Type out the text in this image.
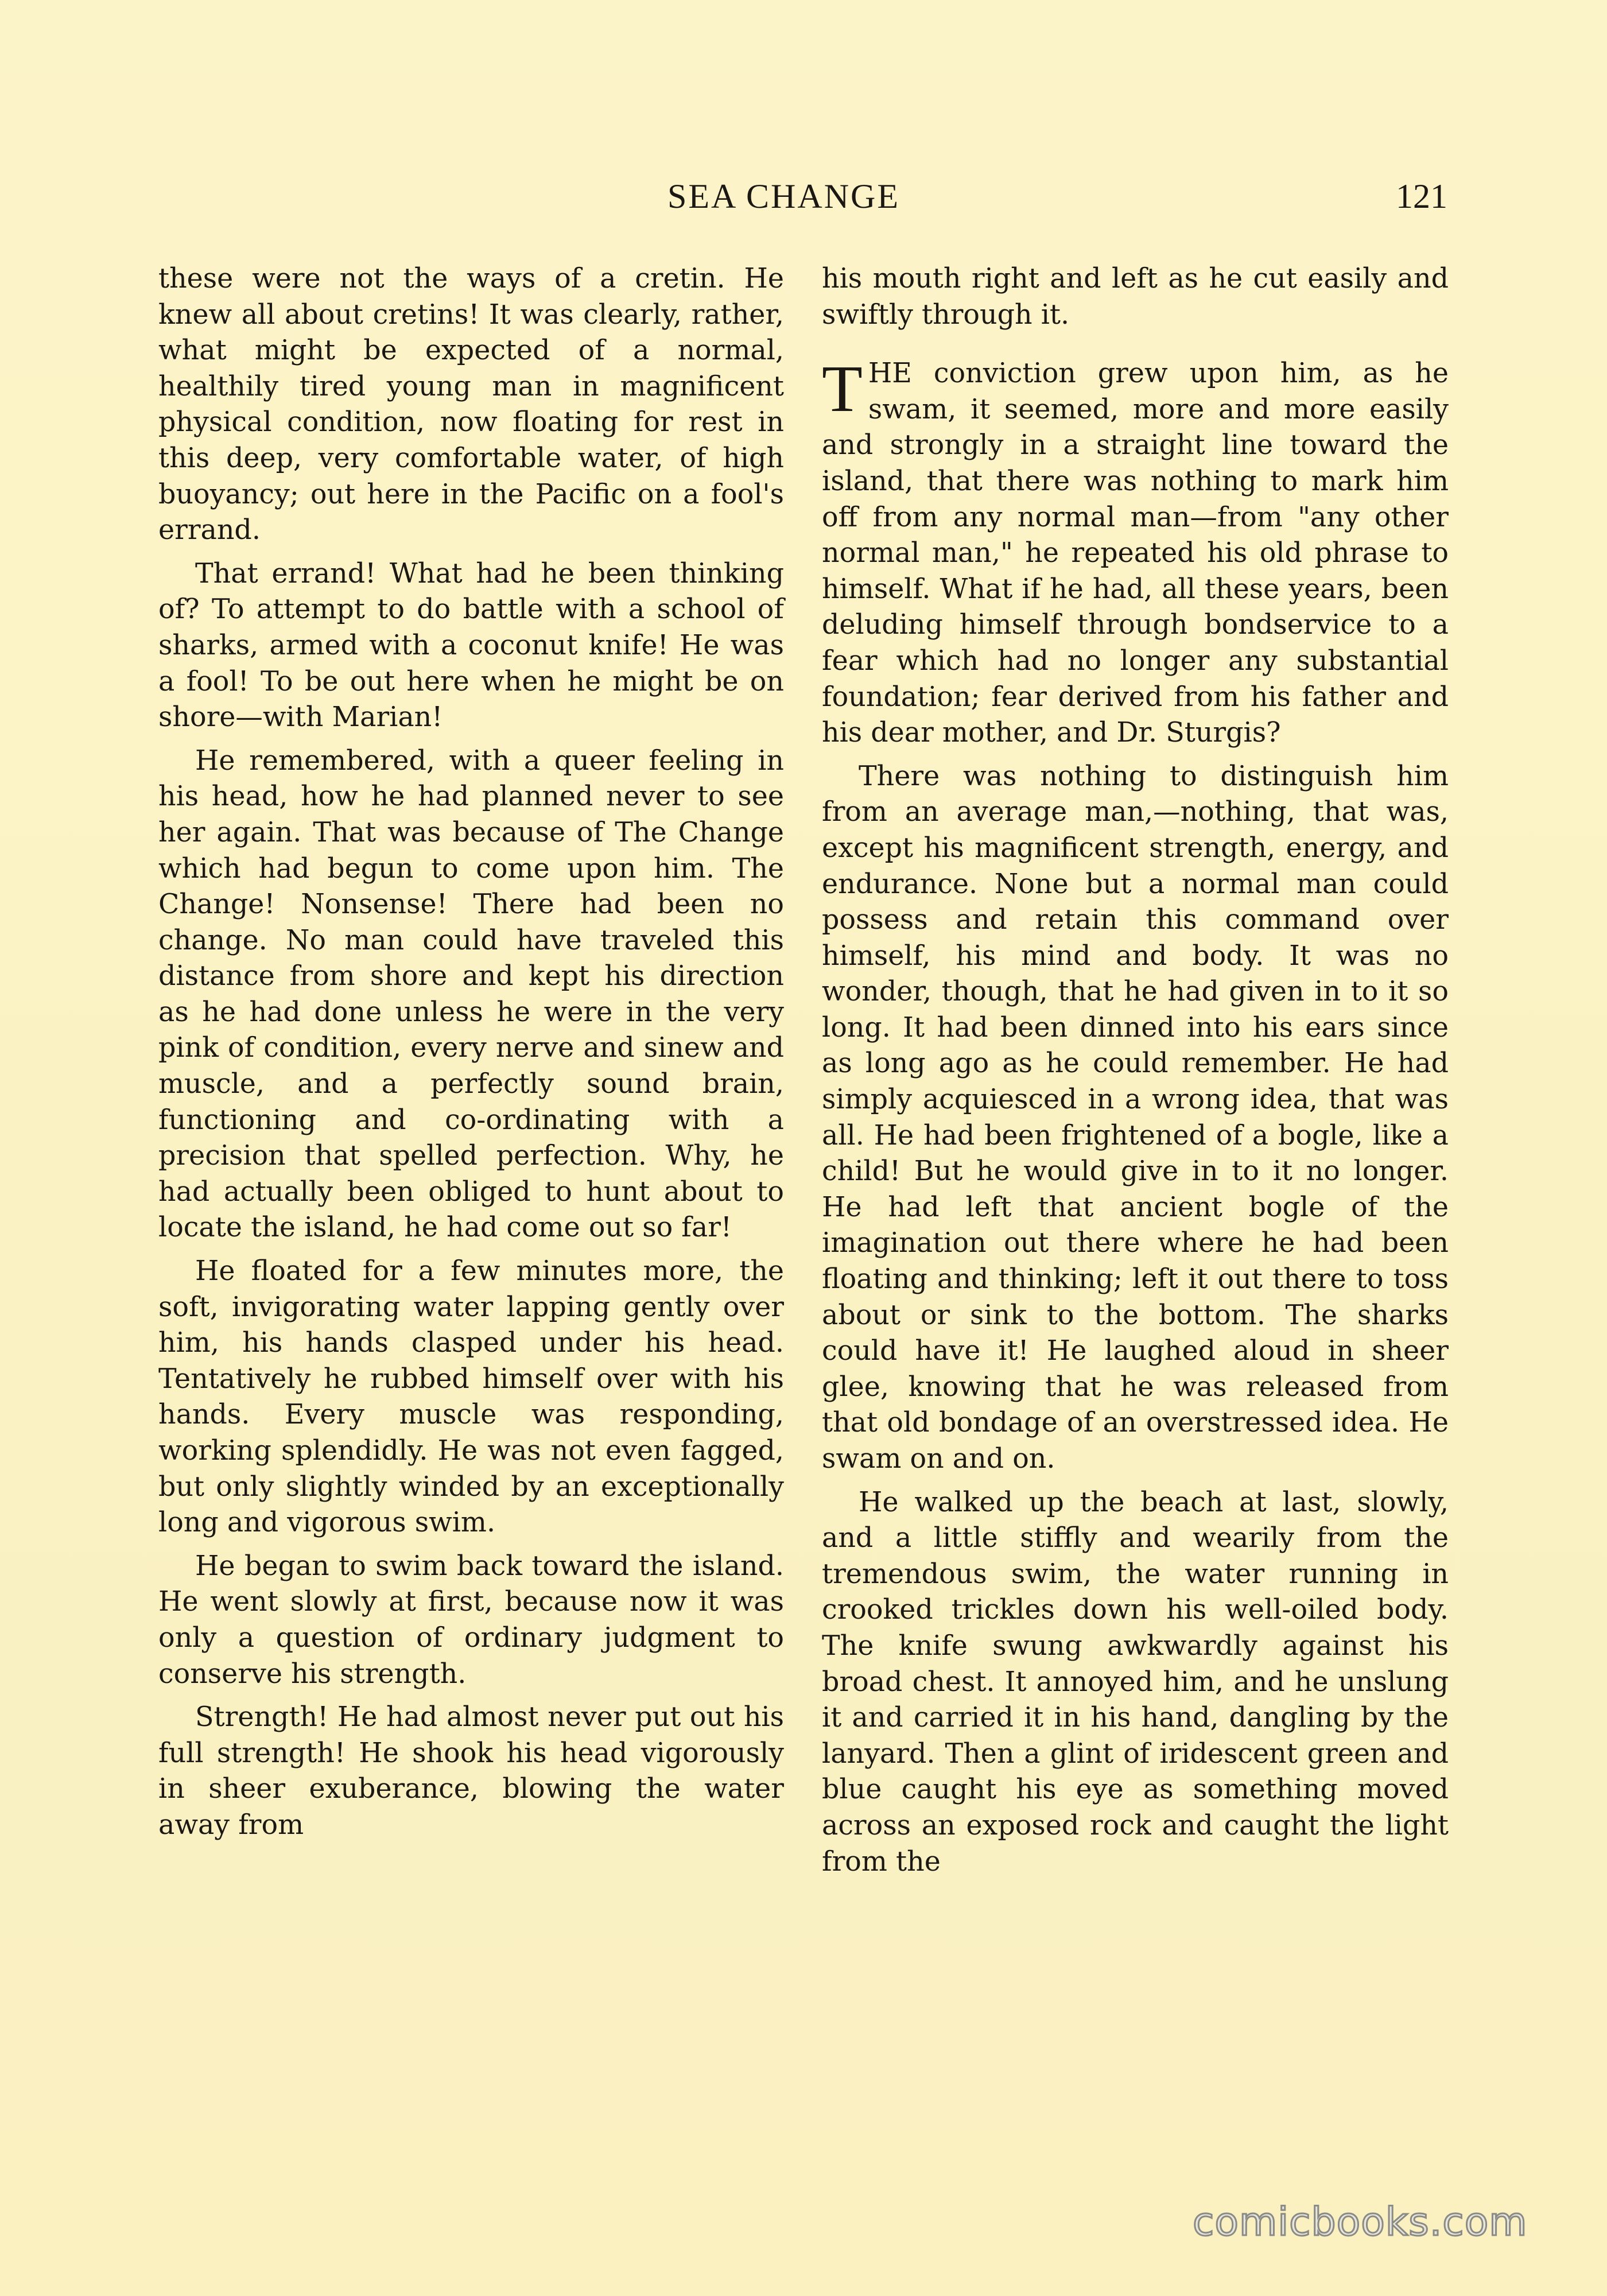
SEA CHANGE	121

these were not the ways of a cretin. He knew all about cretins! It was clearly, rather, what might be expected of a normal, healthily tired young man in magnificent physical condition, now floating for rest in this deep, very comfortable water, of high buoyancy; out here in the Pacific on a fool's errand.

That errand! What had he been thinking of? To attempt to do battle with a school of sharks, armed with a coconut knife! He was a fool! To be out here when he might be on shore—with Marian!

He remembered, with a queer feeling in his head, how he had planned never to see her again. That was because of The Change which had begun to come upon him. The Change! Nonsense! There had been no change. No man could have traveled this distance from shore and kept his direction as he had done unless he were in the very pink of condition, every nerve and sinew and muscle, and a perfectly sound brain, functioning and co-ordinating with a precision that spelled perfection. Why, he had actually been obliged to hunt about to locate the island, he had come out so far!

He floated for a few minutes more, the soft, invigorating water lapping gently over him, his hands clasped under his head. Tentatively he rubbed himself over with his hands. Every muscle was responding, working splendidly. He was not even fagged, but only slightly winded by an exceptionally long and vigorous swim.

He began to swim back toward the island. He went slowly at first, because now it was only a question of ordinary judgment to conserve his strength.

Strength! He had almost never put out his full strength! He shook his head vigorously in sheer exuberance, blowing the water away from

his mouth right and left as he cut easily and swiftly through it.

THE conviction grew upon him, as he swam, it seemed, more and more easily and strongly in a straight line toward the island, that there was nothing to mark him off from any normal man—from "any other normal man," he repeated his old phrase to himself. What if he had, all these years, been deluding himself through bondservice to a fear which had no longer any substantial foundation; fear derived from his father and his dear mother, and Dr. Sturgis?

There was nothing to distinguish him from an average man,—nothing, that was, except his magnificent strength, energy, and endurance. None but a normal man could possess and retain this command over himself, his mind and body. It was no wonder, though, that he had given in to it so long. It had been dinned into his ears since as long ago as he could remember. He had simply acquiesced in a wrong idea, that was all. He had been frightened of a bogle, like a child! But he would give in to it no longer. He had left that ancient bogle of the imagination out there where he had been floating and thinking; left it out there to toss about or sink to the bottom. The sharks could have it! He laughed aloud in sheer glee, knowing that he was released from that old bondage of an overstressed idea. He swam on and on.

He walked up the beach at last, slowly, and a little stiffly and wearily from the tremendous swim, the water running in crooked trickles down his well-oiled body. The knife swung awkwardly against his broad chest. It annoyed him, and he unslung it and carried it in his hand, dangling by the lanyard. Then a glint of iridescent green and blue caught his eye as something moved across an exposed rock and caught the light from the

comicbooks.com
